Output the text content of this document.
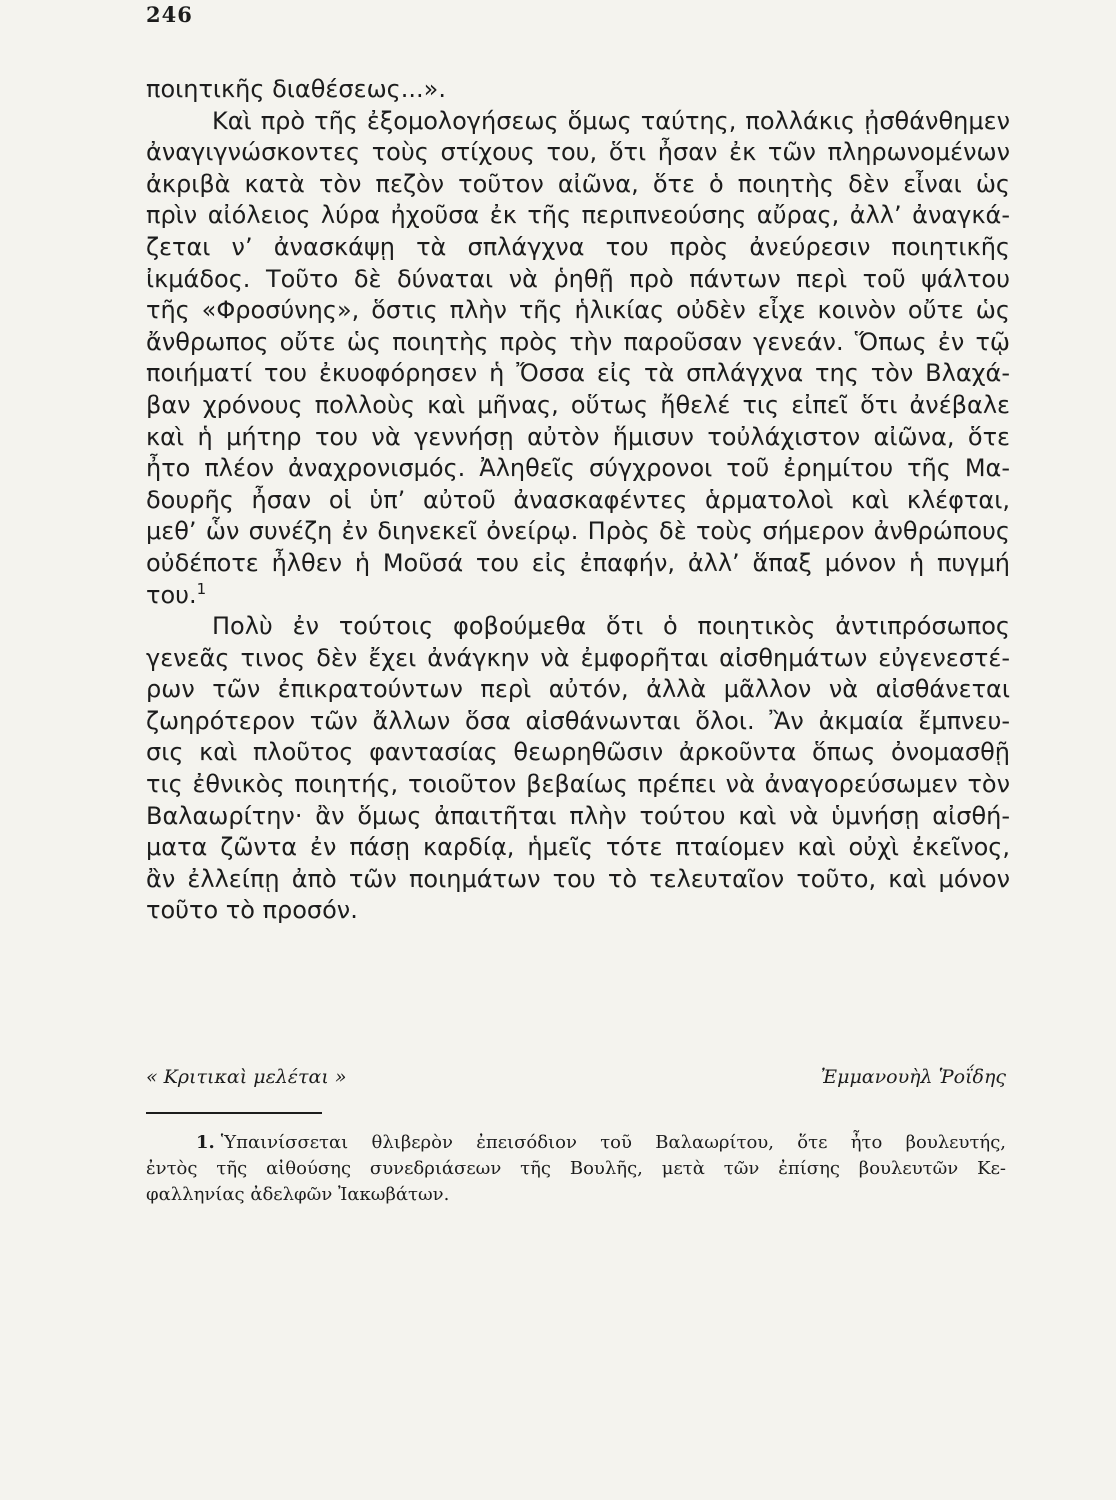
246
ποιητικῆς διαθέσεως...».
Καὶ πρὸ τῆς ἐξομολογήσεως ὅμως ταύτης, πολλάκις ᾐσθάνθημεν
ἀναγιγνώσκοντες τοὺς στίχους του, ὅτι ἦσαν ἐκ τῶν πληρωνομένων
ἀκριβὰ κατὰ τὸν πεζὸν τοῦτον αἰῶνα, ὅτε ὁ ποιητὴς δὲν εἶναι ὡς
πρὶν αἰόλειος λύρα ἠχοῦσα ἐκ τῆς περιπνεούσης αὔρας, ἀλλ’ ἀναγκά-
ζεται ν’ ἀνασκάψῃ τὰ σπλάγχνα του πρὸς ἀνεύρεσιν ποιητικῆς
ἰκμάδος. Τοῦτο δὲ δύναται νὰ ῥηθῇ πρὸ πάντων περὶ τοῦ ψάλτου
τῆς «Φροσύνης», ὅστις πλὴν τῆς ἡλικίας οὐδὲν εἶχε κοινὸν οὔτε ὡς
ἄνθρωπος οὔτε ὡς ποιητὴς πρὸς τὴν παροῦσαν γενεάν. Ὅπως ἐν τῷ
ποιήματί του ἐκυοφόρησεν ἡ Ὄσσα εἰς τὰ σπλάγχνα της τὸν Βλαχά-
βαν χρόνους πολλοὺς καὶ μῆνας, οὕτως ἤθελέ τις εἰπεῖ ὅτι ἀνέβαλε
καὶ ἡ μήτηρ του νὰ γεννήσῃ αὐτὸν ἥμισυν τοὐλάχιστον αἰῶνα, ὅτε
ἦτο πλέον ἀναχρονισμός. Ἀληθεῖς σύγχρονοι τοῦ ἐρημίτου τῆς Μα-
δουρῆς ἦσαν οἱ ὑπ’ αὐτοῦ ἀνασκαφέντες ἁρματολοὶ καὶ κλέφται,
μεθ’ ὧν συνέζη ἐν διηνεκεῖ ὀνείρῳ. Πρὸς δὲ τοὺς σήμερον ἀνθρώπους
οὐδέποτε ἦλθεν ἡ Μοῦσά του εἰς ἐπαφήν, ἀλλ’ ἅπαξ μόνον ἡ πυγμή
του.$^1$
Πολὺ ἐν τούτοις φοβούμεθα ὅτι ὁ ποιητικὸς ἀντιπρόσωπος
γενεᾶς τινος δὲν ἔχει ἀνάγκην νὰ ἐμφορῆται αἰσθημάτων εὐγενεστέ-
ρων τῶν ἐπικρατούντων περὶ αὐτόν, ἀλλὰ μᾶλλον νὰ αἰσθάνεται
ζωηρότερον τῶν ἄλλων ὅσα αἰσθάνωνται ὅλοι. Ἂν ἀκμαία ἔμπνευ-
σις καὶ πλοῦτος φαντασίας θεωρηθῶσιν ἀρκοῦντα ὅπως ὀνομασθῇ
τις ἐθνικὸς ποιητής, τοιοῦτον βεβαίως πρέπει νὰ ἀναγορεύσωμεν τὸν
Βαλαωρίτην· ἂν ὅμως ἀπαιτῆται πλὴν τούτου καὶ νὰ ὑμνήσῃ αἰσθή-
ματα ζῶντα ἐν πάσῃ καρδίᾳ, ἡμεῖς τότε πταίομεν καὶ οὐχὶ ἐκεῖνος,
ἂν ἐλλείπῃ ἀπὸ τῶν ποιημάτων του τὸ τελευταῖον τοῦτο, καὶ μόνον
τοῦτο τὸ προσόν.
« Κριτικαὶ μελέται »	Ἐμμανουὴλ Ῥοΐδης
1. Ὑπαινίσσεται θλιβερὸν ἐπεισόδιον τοῦ Βαλαωρίτου, ὅτε ἦτο βουλευτής,
ἐντὸς τῆς αἰθούσης συνεδριάσεων τῆς Βουλῆς, μετὰ τῶν ἐπίσης βουλευτῶν Κε-
φαλληνίας ἀδελφῶν Ἰακωβάτων.
